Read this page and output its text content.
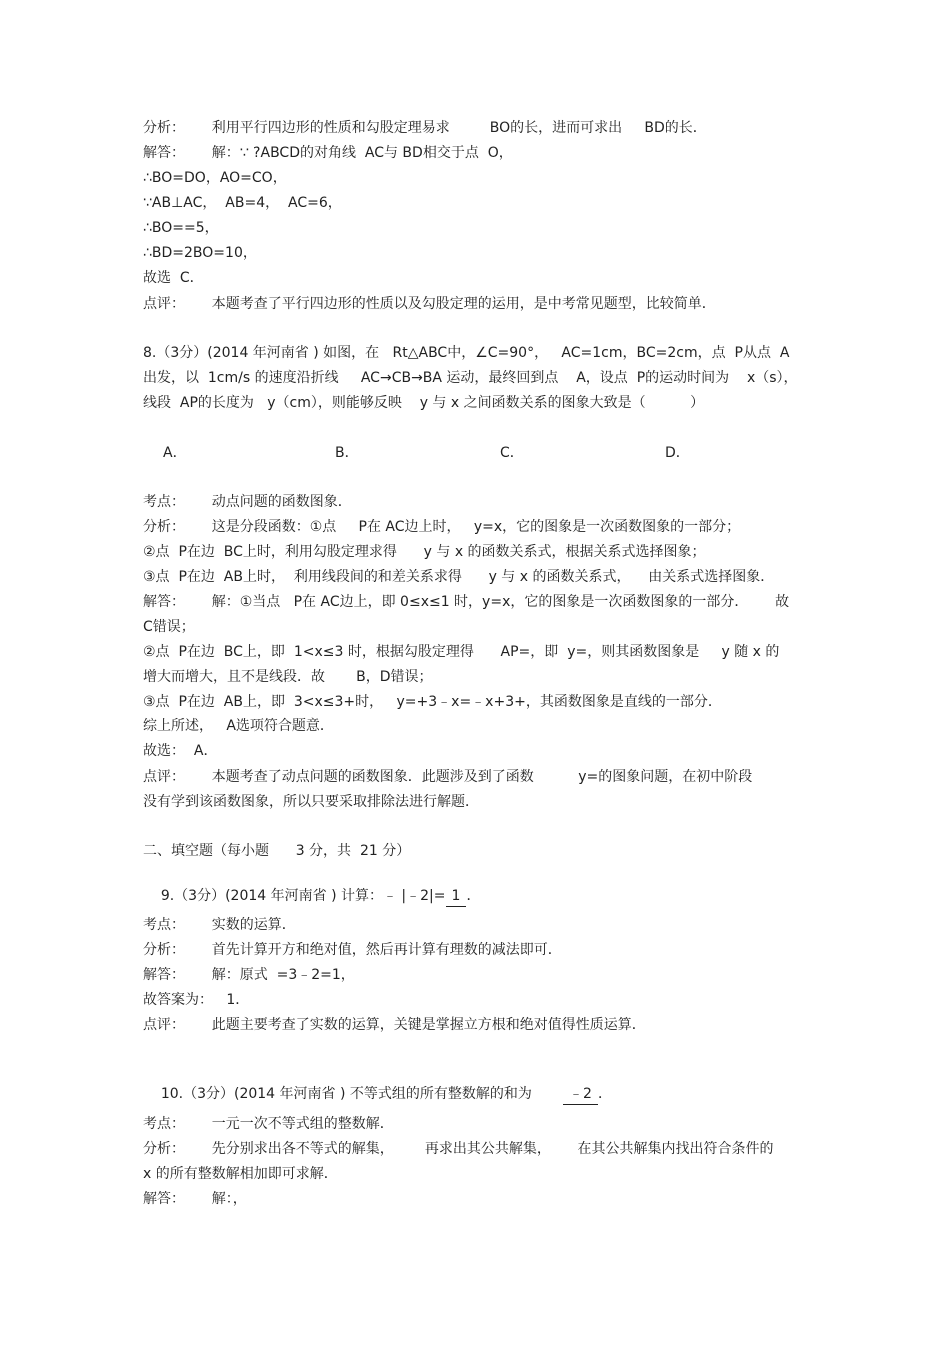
分析：      利用平行四边形的性质和勾股定理易求         BO的长，进而可求出     BD的长．
解答：      解：∵ ?ABCD的对角线  AC与 BD相交于点  O，
∴BO=DO，AO=CO，
∵AB⊥AC，  AB=4，  AC=6，
∴BO==5，
∴BD=2BO=10，
故选  C．
点评：      本题考查了平行四边形的性质以及勾股定理的运用，是中考常见题型，比较简单．
8.（3分）(2014 年河南省 ) 如图，在   Rt△ABC中，∠C=90°，   AC=1cm，BC=2cm，点  P从点  A
出发，以  1cm/s 的速度沿折线     AC→CB→BA 运动，最终回到点    A，设点  P的运动时间为    x（s），
线段  AP的长度为   y（cm），则能够反映    y 与 x 之间函数关系的图象大致是（          ）
考点：      动点问题的函数图象．
分析：      这是分段函数：①点     P在 AC边上时，   y=x，它的图象是一次函数图象的一部分；
②点  P在边  BC上时，利用勾股定理求得      y 与 x 的函数关系式，根据关系式选择图象；
③点  P在边  AB上时，  利用线段间的和差关系求得      y 与 x 的函数关系式，    由关系式选择图象．
解答：      解：①当点   P在 AC边上，即 0≤x≤1 时，y=x，它的图象是一次函数图象的一部分．      故
C错误；
②点  P在边  BC上，即  1<x≤3 时，根据勾股定理得      AP=，即  y=，则其函数图象是     y 随 x 的
增大而增大，且不是线段．故       B，D错误；
③点  P在边  AB上，即  3<x≤3+时，   y=+3﹣x=﹣x+3+，其函数图象是直线的一部分．
综上所述，   A选项符合题意．
故选：  A．
点评：      本题考查了动点问题的函数图象．此题涉及到了函数          y=的图象问题，在初中阶段
没有学到该函数图象，所以只要采取排除法进行解题．
二、填空题（每小题      3 分，共  21 分）
考点：      实数的运算．
分析：      首先计算开方和绝对值，然后再计算有理数的减法即可．
解答：      解：原式  =3﹣2=1，
故答案为：   1．
点评：      此题主要考查了实数的运算，关键是掌握立方根和绝对值得性质运算．
考点：      一元一次不等式组的整数解．
分析：      先分别求出各不等式的解集，       再求出其公共解集，      在其公共解集内找出符合条件的
x 的所有整数解相加即可求解．
解答：      解：，
A．	B．	C．	D．

9.（3分）(2014 年河南省 ) 计算：﹣ |﹣2|= 1 ．

10.（3分）(2014 年河南省 ) 不等式组的所有整数解的和为       ﹣2 ．
